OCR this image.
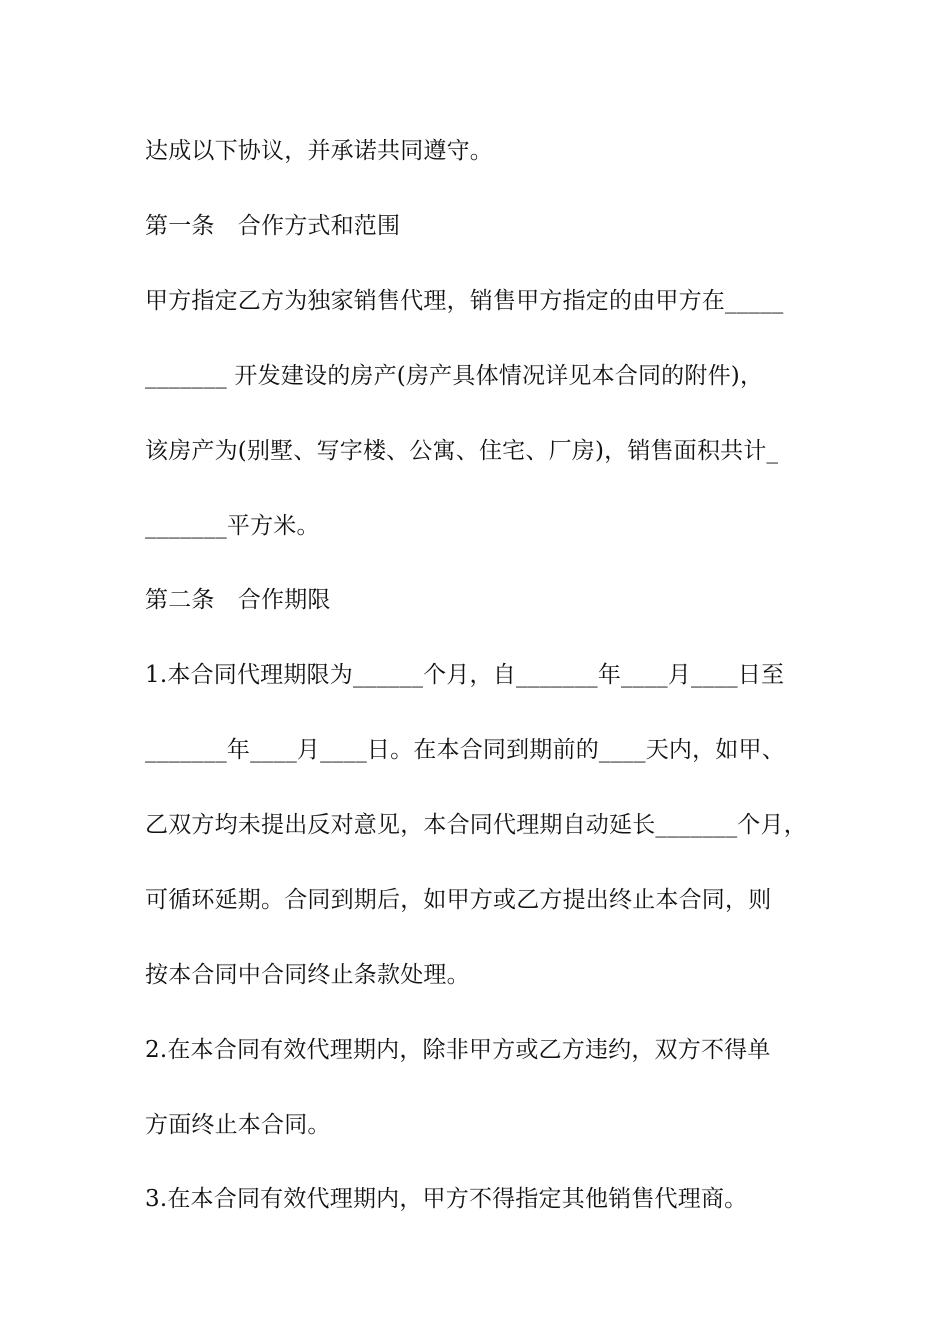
达成以下协议，并承诺共同遵守。
第一条　合作方式和范围
甲方指定乙方为独家销售代理，销售甲方指定的由甲方在_____
_______ 开发建设的房产(房产具体情况详见本合同的附件)，
该房产为(别墅、写字楼、公寓、住宅、厂房)，销售面积共计_
_______平方米。
第二条　合作期限
1.本合同代理期限为______个月，自_______年____月____日至
_______年____月____日。在本合同到期前的____天内，如甲、
乙双方均未提出反对意见，本合同代理期自动延长_______个月，
可循环延期。合同到期后，如甲方或乙方提出终止本合同，则
按本合同中合同终止条款处理。
2.在本合同有效代理期内，除非甲方或乙方违约，双方不得单
方面终止本合同。
3.在本合同有效代理期内，甲方不得指定其他销售代理商。
